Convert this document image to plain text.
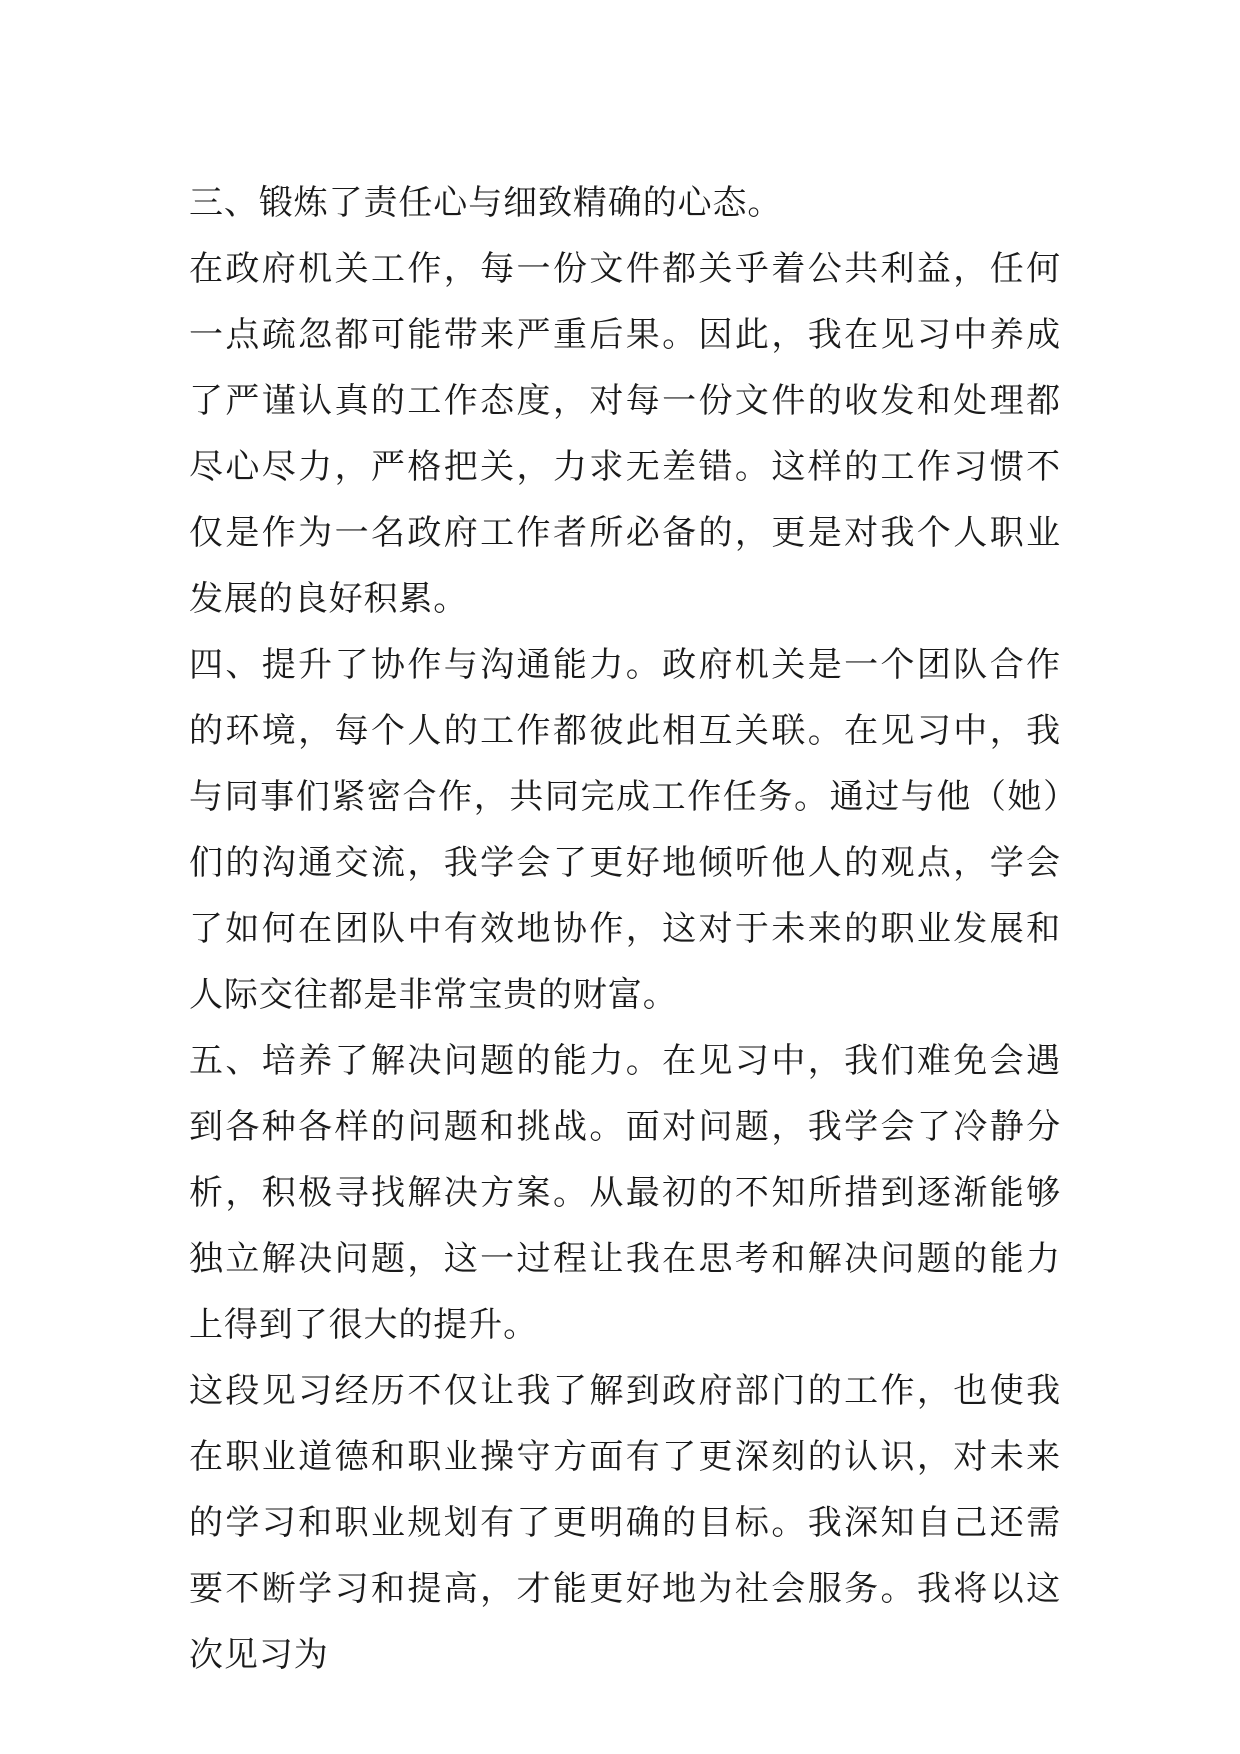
三、锻炼了责任心与细致精确的心态。

在政府机关工作，每一份文件都关乎着公共利益，任何一点疏忽都可能带来严重后果。因此，我在见习中养成了严谨认真的工作态度，对每一份文件的收发和处理都尽心尽力，严格把关，力求无差错。这样的工作习惯不仅是作为一名政府工作者所必备的，更是对我个人职业发展的良好积累。

四、提升了协作与沟通能力。政府机关是一个团队合作的环境，每个人的工作都彼此相互关联。在见习中，我与同事们紧密合作，共同完成工作任务。通过与他（她）们的沟通交流，我学会了更好地倾听他人的观点，学会了如何在团队中有效地协作，这对于未来的职业发展和人际交往都是非常宝贵的财富。

五、培养了解决问题的能力。在见习中，我们难免会遇到各种各样的问题和挑战。面对问题，我学会了冷静分析，积极寻找解决方案。从最初的不知所措到逐渐能够独立解决问题，这一过程让我在思考和解决问题的能力上得到了很大的提升。

这段见习经历不仅让我了解到政府部门的工作，也使我在职业道德和职业操守方面有了更深刻的认识，对未来的学习和职业规划有了更明确的目标。我深知自己还需要不断学习和提高，才能更好地为社会服务。我将以这次见习为
